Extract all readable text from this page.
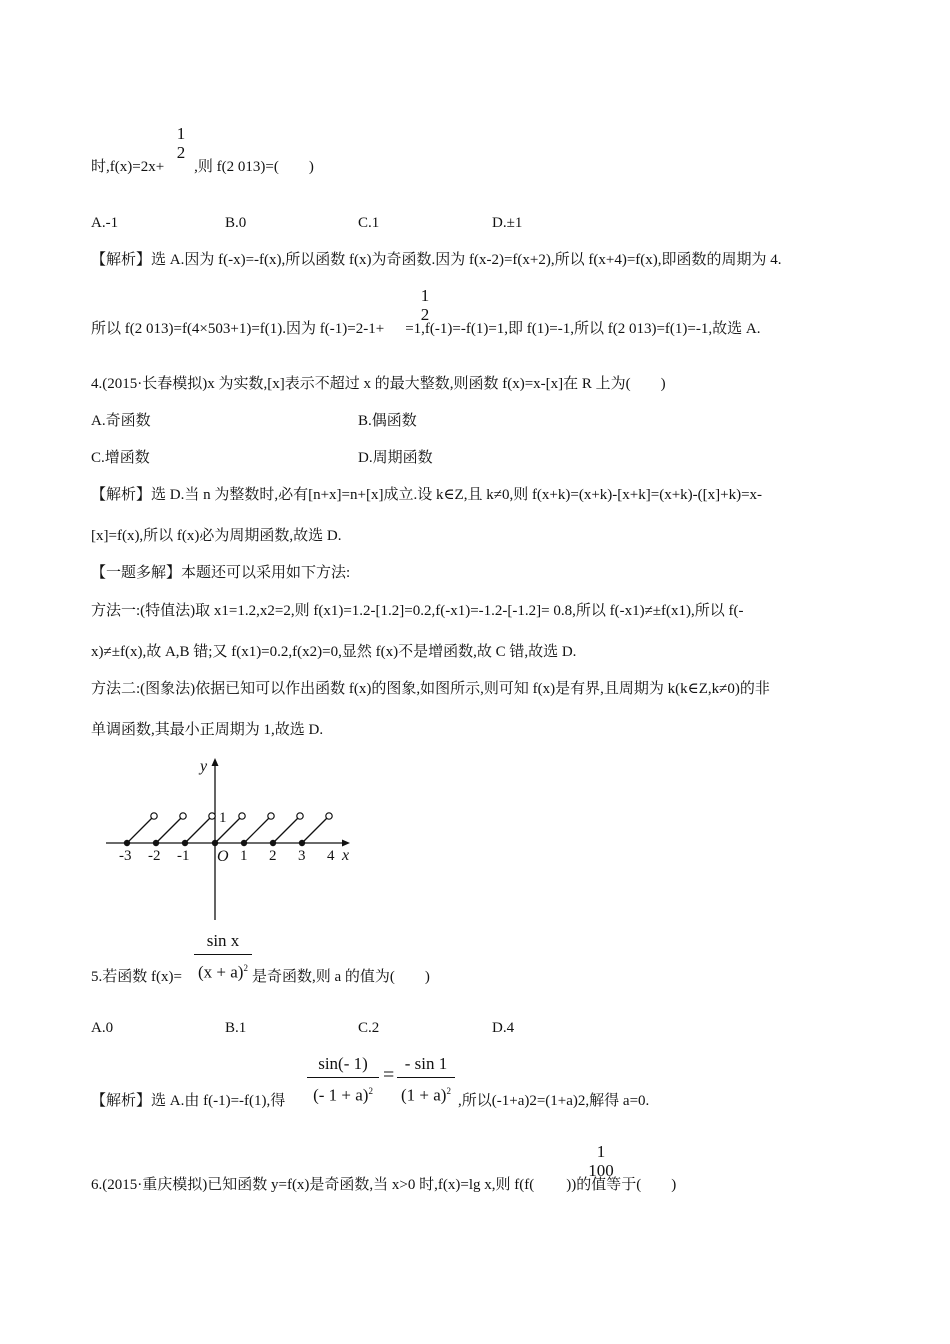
时,f(x)=2x+ ,则 f(2 013)=( )
1
2
A.-1	B.0	C.1	D.±1
【解析】选 A.因为 f(-x)=-f(x),所以函数 f(x)为奇函数.因为 f(x-2)=f(x+2),所以 f(x+4)=f(x),即函数的周期为 4.
所以 f(2 013)=f(4×503+1)=f(1).因为 f(-1)=2-1+ =1,f(-1)=-f(1)=1,即 f(1)=-1,所以 f(2 013)=f(1)=-1,故选 A.
1
2
4.(2015·长春模拟)x 为实数,[x]表示不超过 x 的最大整数,则函数 f(x)=x-[x]在 R 上为( )
A.奇函数	B.偶函数
C.增函数	D.周期函数
【解析】选 D.当 n 为整数时,必有[n+x]=n+[x]成立.设 k∈Z,且 k≠0,则 f(x+k)=(x+k)-[x+k]=(x+k)-([x]+k)=x-
[x]=f(x),所以 f(x)必为周期函数,故选 D.
【一题多解】本题还可以采用如下方法:
方法一:(特值法)取 x1=1.2,x2=2,则 f(x1)=1.2-[1.2]=0.2,f(-x1)=-1.2-[-1.2]= 0.8,所以 f(-x1)≠±f(x1),所以 f(-
x)≠±f(x),故 A,B 错;又 f(x1)=0.2,f(x2)=0,显然 f(x)不是增函数,故 C 错,故选 D.
方法二:(图象法)依据已知可以作出函数 f(x)的图象,如图所示,则可知 f(x)是有界,且周期为 k(k∈Z,k≠0)的非
单调函数,其最小正周期为 1,故选 D.
y
x
O
1
-3 -2 -1	1 2 3 4
5.若函数 f(x)=	是奇函数,则 a 的值为( )
sin x
$(x + a)^2$
A.0	B.1	C.2	D.4
【解析】选 A.由 f(-1)=-f(1),得
sin(- 1)
(- 1 + a)$^2$
=
- sin 1
$(1 + a)^2$
,所以(-1+a)2=(1+a)2,解得 a=0.
6.(2015·重庆模拟)已知函数 y=f(x)是奇函数,当 x>0 时,f(x)=lg x,则 f(f( ))的值等于( )
1
100
